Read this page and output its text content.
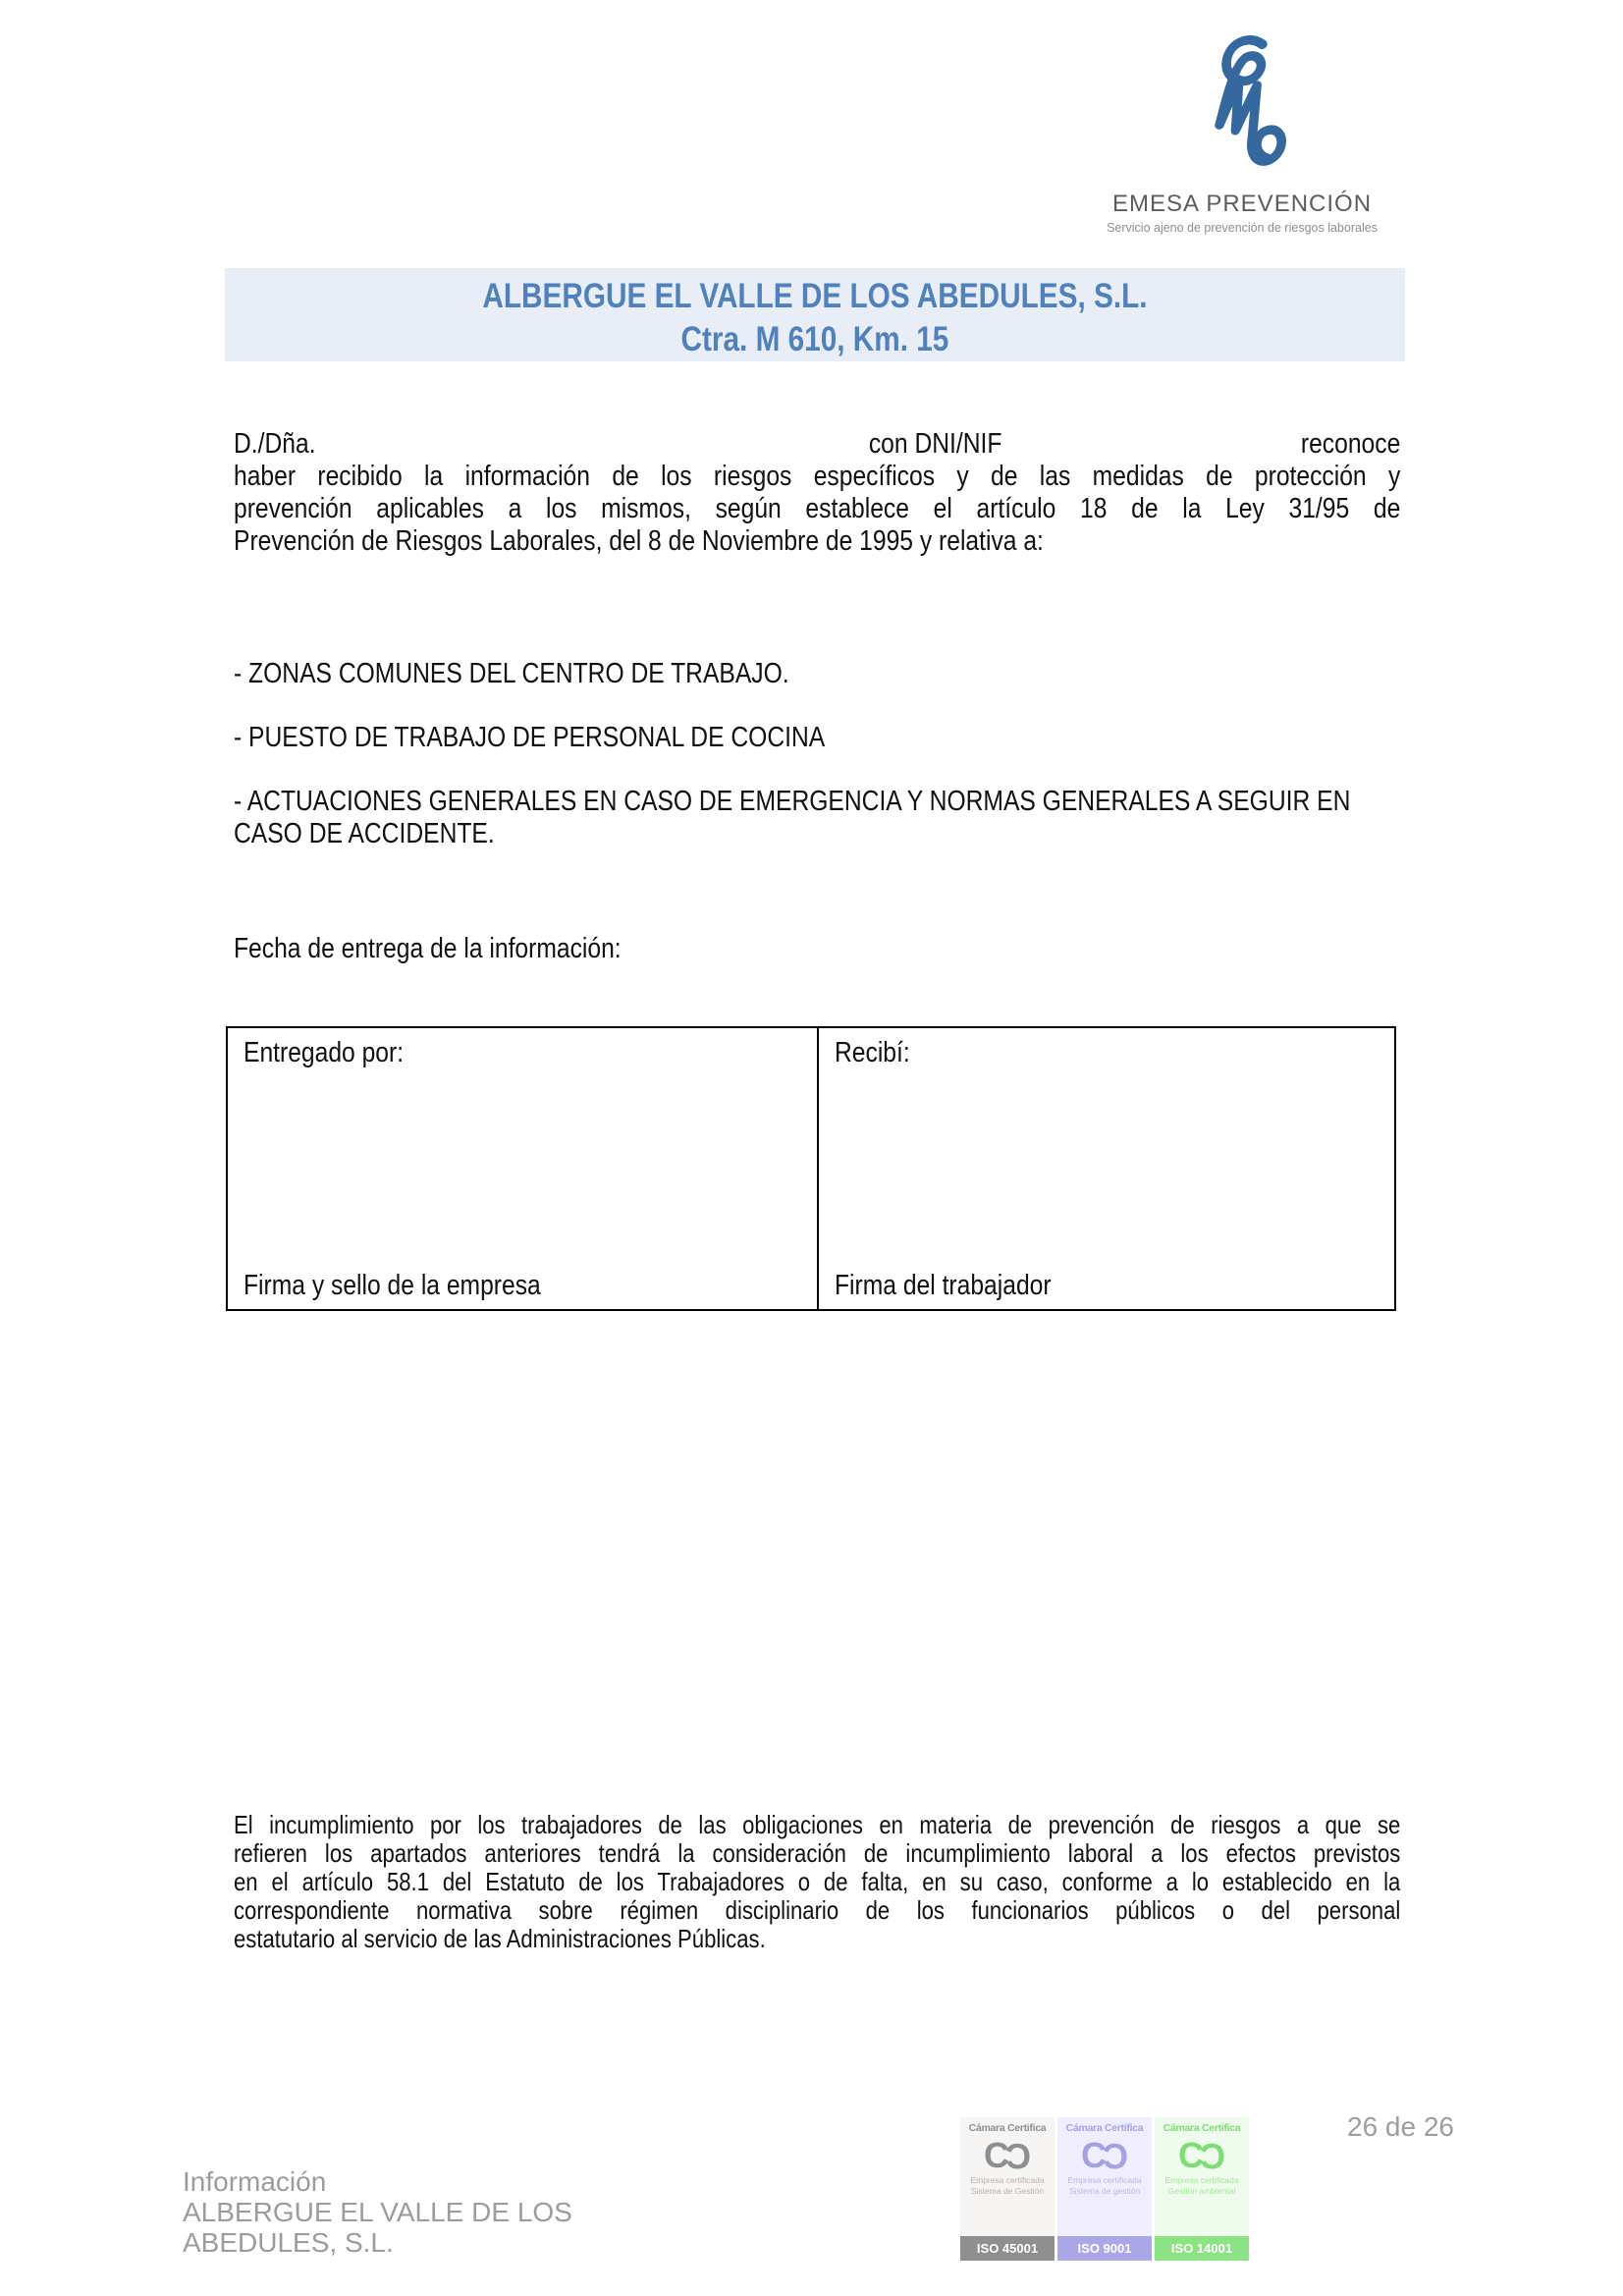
EMESA PREVENCIÓN
Servicio ajeno de prevención de riesgos laborales
ALBERGUE EL VALLE DE LOS ABEDULES, S.L.
Ctra. M 610, Km. 15
D./Dña.	con DNI/NIF	reconoce
haber recibido la información de los riesgos específicos y de las medidas de protección y
prevención aplicables a los mismos, según establece el artículo 18 de la Ley 31/95 de
Prevención de Riesgos Laborales, del 8 de Noviembre de 1995 y relativa a:
- ZONAS COMUNES DEL CENTRO DE TRABAJO.
- PUESTO DE TRABAJO DE PERSONAL DE COCINA
- ACTUACIONES GENERALES EN CASO DE EMERGENCIA Y NORMAS GENERALES A SEGUIR EN CASO DE ACCIDENTE.
Fecha de entrega de la información:
Entregado por:
Firma y sello de la empresa
Recibí:
Firma del trabajador
El incumplimiento por los trabajadores de las obligaciones en materia de prevención de riesgos a que se
refieren los apartados anteriores tendrá la consideración de incumplimiento laboral a los efectos previstos
en el artículo 58.1 del Estatuto de los Trabajadores o de falta, en su caso, conforme a lo establecido en la
correspondiente normativa sobre régimen disciplinario de los funcionarios públicos o del personal
estatutario al servicio de las Administraciones Públicas.
Información
ALBERGUE EL VALLE DE LOS
ABEDULES, S.L.
Cámara Certifica
CC
Empresa certificada
Sistema de Gestión
ISO 45001
Cámara Certifica
CC
Empresa certificada
Sistema de gestión
ISO 9001
Cámara Certifica
CC
Empresa certificada
Gestión ambiental
ISO 14001
26 de 26
